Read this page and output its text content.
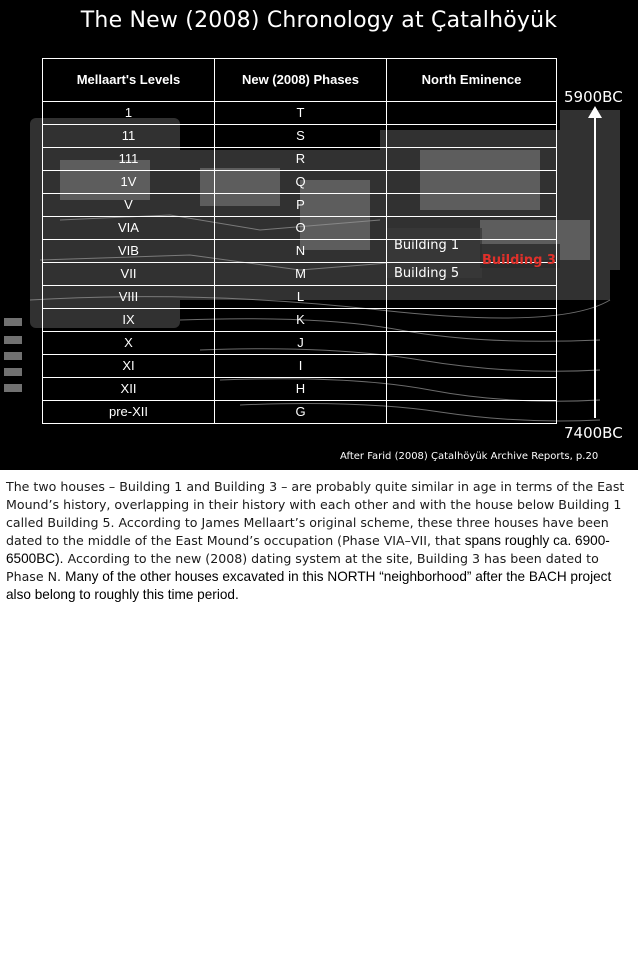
The New (2008) Chronology at Çatalhöyük
Mellaart's Levels	New (2008) Phases	North Eminence
1	T	
11	S	
111	R	
1V	Q	
V	P	
VIA	O	
VIB	N	
VII	M	
VIII	L	
IX	K	
X	J	
XI	I	
XII	H	
pre-XII	G	
Building 1
Building 5
Building 3
5900BC
7400BC
After Farid (2008) Çatalhöyük Archive Reports, p.20
The two houses – Building 1 and Building 3 – are probably quite similar in age in terms of the East Mound’s history, overlapping in their history with each other and with the house below Building 1 called Building 5. According to James Mellaart’s original scheme, these three houses have been dated to the middle of the East Mound’s occupation (Phase VIA–VII, that spans roughly ca. 6900-6500BC). According to the new (2008) dating system at the site, Building 3 has been dated to Phase N. Many of the other houses excavated in this NORTH “neighborhood” after the BACH project also belong to roughly this time period.
